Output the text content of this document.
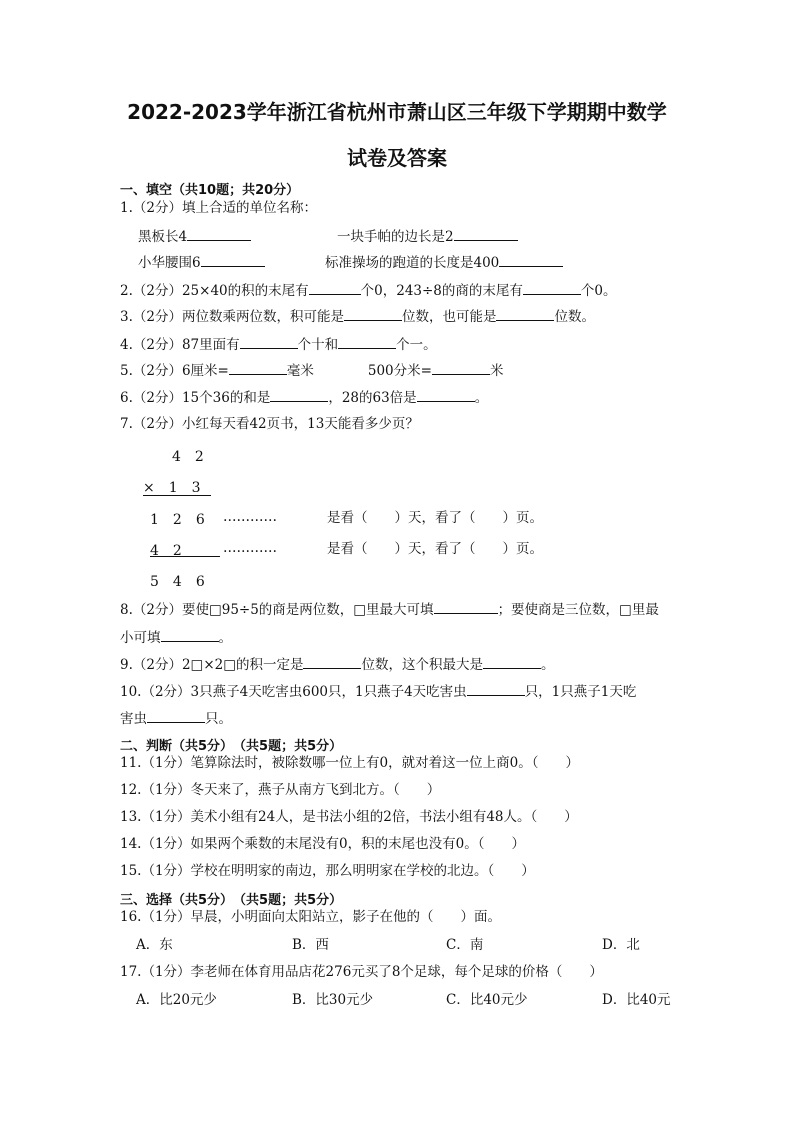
2022-2023学年浙江省杭州市萧山区三年级下学期期中数学
试卷及答案
一、填空（共10题；共20分）
1.（2分）填上合适的单位名称：
黑板长4	一块手帕的边长是2
小华腰围6	标准操场的跑道的长度是400
2.（2分）25×40的积的末尾有	个0，243÷8的商的末尾有	个0。
3.（2分）两位数乘两位数，积可能是	位数，也可能是	位数。
4.（2分）87里面有	个十和	个一。
5.（2分）6厘米=	毫米	500分米=	米
6.（2分）15个36的和是	，28的63倍是	。
7.（2分）小红每天看42页书，13天能看多少页？
4　2
×　1　3
1　2　6 …………	是看（　　）天，看了（　　）页。
4　2	…………	是看（　　）天，看了（　　）页。
5　4　6
8.（2分）要使□95÷5的商是两位数，□里最大可填	；要使商是三位数，□里最
小可填	。
9.（2分）2□×2□的积一定是	位数，这个积最大是	。
10.（2分）3只燕子4天吃害虫600只，1只燕子4天吃害虫	只，1只燕子1天吃
害虫	只。
二、判断（共5分）　（共5题；共5分）
11.（1分）笔算除法时，被除数哪一位上有0，就对着这一位上商0。（　　）
12.（1分）冬天来了，燕子从南方飞到北方。（　　）
13.（1分）美术小组有24人，是书法小组的2倍，书法小组有48人。（　　）
14.（1分）如果两个乘数的末尾没有0，积的末尾也没有0。（　　）
15.（1分）学校在明明家的南边，那么明明家在学校的北边。（　　）
三、选择（共5分）　（共5题；共5分）
16.（1分）早晨，小明面向太阳站立，影子在他的（　　）面。
A．东	B．西	C．南	D．北
17.（1分）李老师在体育用品店花276元买了8个足球，每个足球的价格（　　）
A．比20元少	B．比30元少	C．比40元少	D．比40元
